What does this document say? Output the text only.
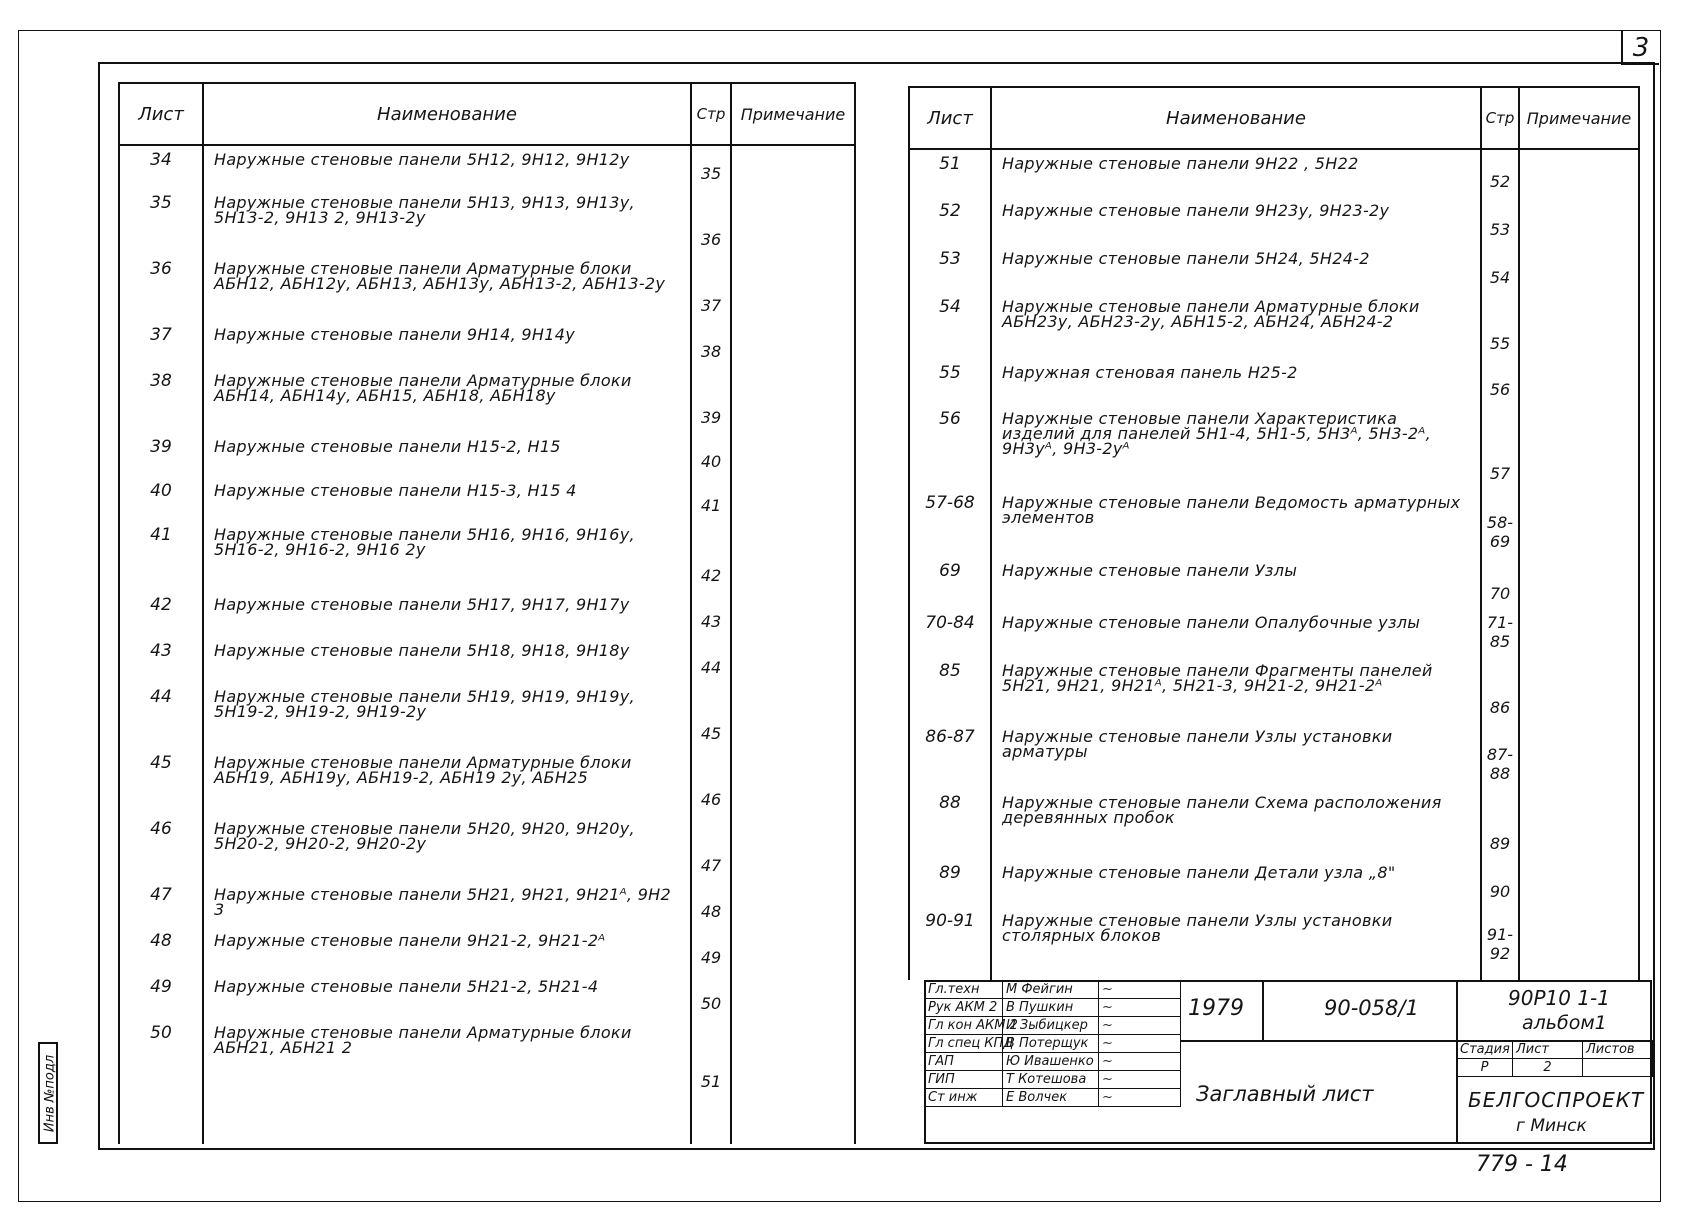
3
Инв №подл
Лист	Наименование	Стр	Примечание
34	Наружные стеновые панели 5Н12, 9Н12, 9Н12у	35	
35	Наружные стеновые панели 5Н13, 9Н13, 9Н13у, 5Н13-2, 9Н13 2, 9Н13-2у	36	
36	Наружные стеновые панели Арматурные блоки АБН12, АБН12у, АБН13, АБН13у, АБН13-2, АБН13-2у	37	
37	Наружные стеновые панели 9Н14, 9Н14у	38	
38	Наружные стеновые панели Арматурные блоки АБН14, АБН14у, АБН15, АБН18, АБН18у	39	
39	Наружные стеновые панели Н15-2, Н15	40	
40	Наружные стеновые панели Н15-3, Н15 4	41	
41	Наружные стеновые панели 5Н16, 9Н16, 9Н16у, 5Н16-2, 9Н16-2, 9Н16 2у	42	
42	Наружные стеновые панели 5Н17, 9Н17, 9Н17у	43	
43	Наружные стеновые панели 5Н18, 9Н18, 9Н18у	44	
44	Наружные стеновые панели 5Н19, 9Н19, 9Н19у, 5Н19-2, 9Н19-2, 9Н19-2у	45	
45	Наружные стеновые панели Арматурные блоки АБН19, АБН19у, АБН19-2, АБН19 2у, АБН25	46	
46	Наружные стеновые панели 5Н20, 9Н20, 9Н20у, 5Н20-2, 9Н20-2, 9Н20-2у	47	
47	Наружные стеновые панели 5Н21, 9Н21, 9Н21ᴬ, 9Н2 3	48	
48	Наружные стеновые панели 9Н21-2, 9Н21-2ᴬ	49	
49	Наружные стеновые панели 5Н21-2, 5Н21-4	50	
50	Наружные стеновые панели Арматурные блоки АБН21, АБН21 2	51	

Лист	Наименование	Стр	Примечание
51	Наружные стеновые панели 9Н22 , 5Н22	52	
52	Наружные стеновые панели 9Н23у, 9Н23-2у	53	
53	Наружные стеновые панели 5Н24, 5Н24-2	54	
54	Наружные стеновые панели Арматурные блоки АБН23у, АБН23-2у, АБН15-2, АБН24, АБН24-2	55	
55	Наружная стеновая панель Н25-2	56	
56	Наружные стеновые панели Характеристика изделий для панелей 5Н1-4, 5Н1-5, 5Н3ᴬ, 5Н3-2ᴬ, 9Н3уᴬ, 9Н3-2уᴬ	57	
57-68	Наружные стеновые панели Ведомость арматурных элементов	58-69	
69	Наружные стеновые панели Узлы	70	
70-84	Наружные стеновые панели Опалубочные узлы	71-85	
85	Наружные стеновые панели Фрагменты панелей 5Н21, 9Н21, 9Н21ᴬ, 5Н21-3, 9Н21-2, 9Н21-2ᴬ	86	
86-87	Наружные стеновые панели Узлы установки арматуры	87-88	
88	Наружные стеновые панели Схема расположения деревянных пробок	89	
89	Наружные стеновые панели Детали узла „8"	90	
90-91	Наружные стеновые панели Узлы установки столярных блоков	91-92	

Гл.техн	М Фейгин	~
Рук АКМ 2	В Пушкин	~
Гл кон АКМ 2	И Зыбицкер	~
Гл спец КПД	В Потерщук	~
ГАП	Ю Ивашенко	~
ГИП	Т Котешова	~
Ст инж	Е Волчек	~
1979	90-058/1	90Р10 1-1
альбом1
Заглавный лист
Стадия	Лист	Листов
Р	2	
БЕЛГОСПРОЕКТ
г Минск
779 - 14
